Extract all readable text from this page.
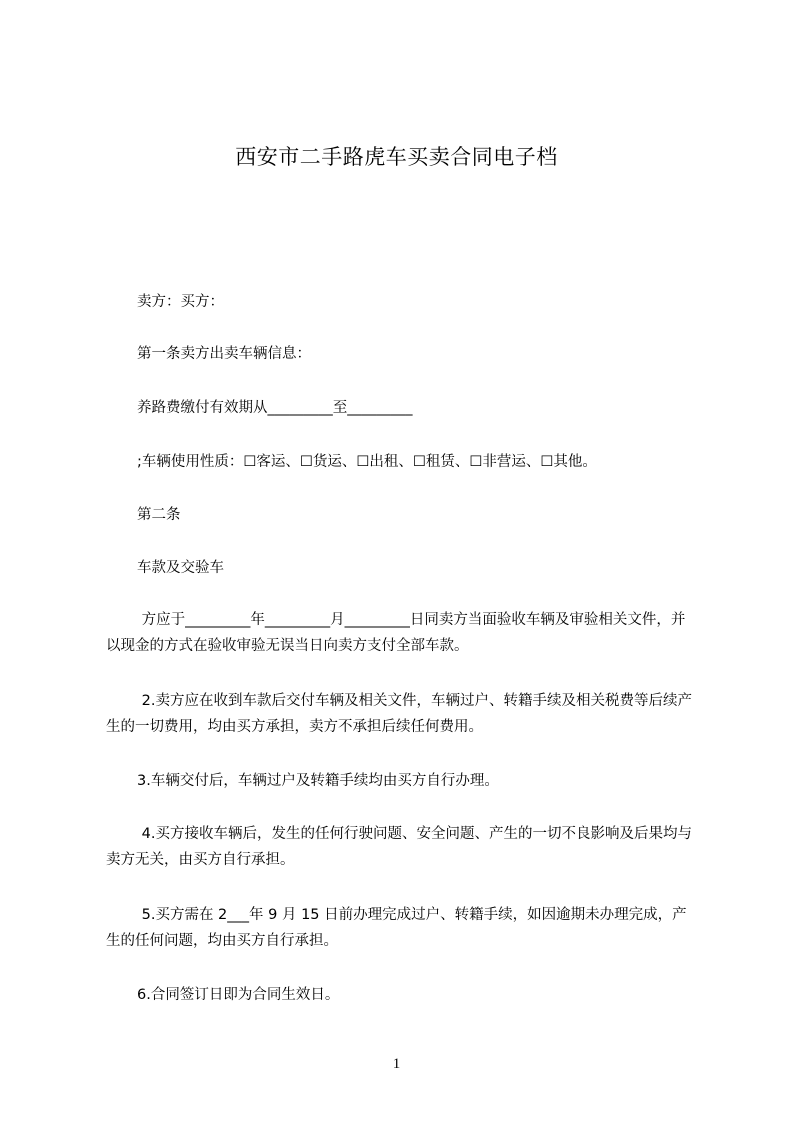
西安市二手路虎车买卖合同电子档
卖方：买方：
第一条卖方出卖车辆信息：
养路费缴付有效期从_________至_________
;车辆使用性质：☐客运、☐货运、☐出租、☐租赁、☐非营运、☐其他。
第二条
车款及交验车
方应于_________年_________月_________日同卖方当面验收车辆及审验相关文件，并以现金的方式在验收审验无误当日向卖方支付全部车款。
2.卖方应在收到车款后交付车辆及相关文件，车辆过户、转籍手续及相关税费等后续产生的一切费用，均由买方承担，卖方不承担后续任何费用。
3.车辆交付后，车辆过户及转籍手续均由买方自行办理。
4.买方接收车辆后，发生的任何行驶问题、安全问题、产生的一切不良影响及后果均与卖方无关，由买方自行承担。
5.买方需在 2___年 9 月 15 日前办理完成过户、转籍手续，如因逾期未办理完成，产生的任何问题，均由买方自行承担。
6.合同签订日即为合同生效日。
1
